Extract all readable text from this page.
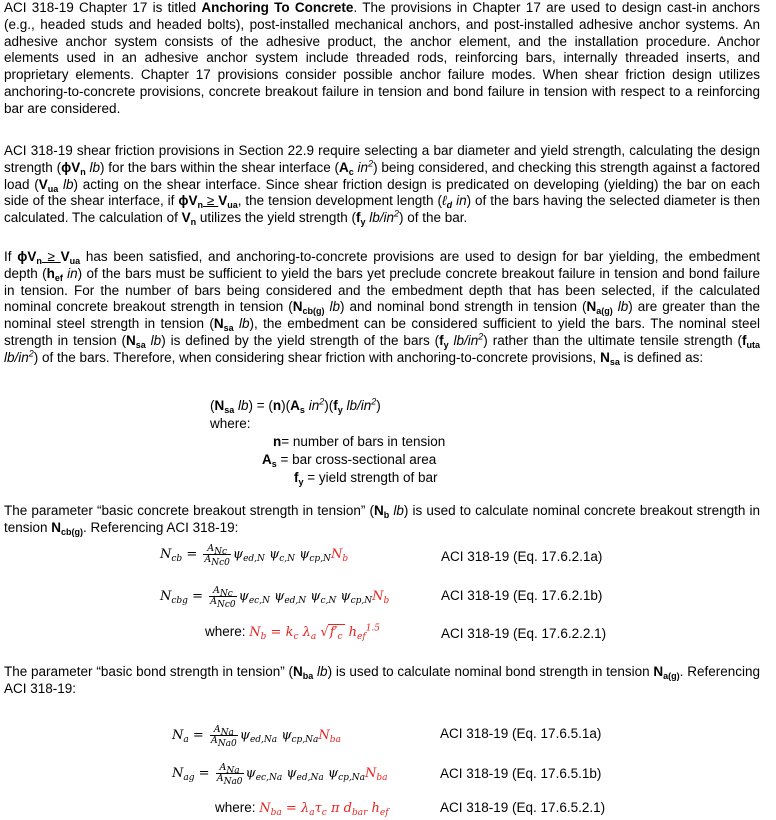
ACI 318-19 Chapter 17 is titled Anchoring To Concrete. The provisions in Chapter 17 are used to design cast-in anchors (e.g., headed studs and headed bolts), post-installed mechanical anchors, and post-installed adhesive anchor systems. An adhesive anchor system consists of the adhesive product, the anchor element, and the installation procedure. Anchor elements used in an adhesive anchor system include threaded rods, reinforcing bars, internally threaded inserts, and proprietary elements. Chapter 17 provisions consider possible anchor failure modes. When shear friction design utilizes anchoring-to-concrete provisions, concrete breakout failure in tension and bond failure in tension with respect to a reinforcing bar are considered.
ACI 318-19 shear friction provisions in Section 22.9 require selecting a bar diameter and yield strength, calculating the design strength ($\phi V_n$ lb) for the bars within the shear interface ($A_c$ $in^2$) being considered, and checking this strength against a factored load ($V_{ua}$ lb) acting on the shear interface. Since shear friction design is predicated on developing (yielding) the bar on each side of the shear interface, if $\phi V_n \ge V_{ua}$, the tension development length (ℓ$_d$ in) of the bars having the selected diameter is then calculated. The calculation of $V_n$ utilizes the yield strength ($f_y$ $lb/in^2$) of the bar.
If $\phi V_n \ge V_{ua}$ has been satisfied, and anchoring-to-concrete provisions are used to design for bar yielding, the embedment depth ($h_{ef}$ in) of the bars must be sufficient to yield the bars yet preclude concrete breakout failure in tension and bond failure in tension. For the number of bars being considered and the embedment depth that has been selected, if the calculated nominal concrete breakout strength in tension ($N_{cb(g)}$ lb) and nominal bond strength in tension ($N_{a(g)}$ lb) are greater than the nominal steel strength in tension ($N_{sa}$ lb), the embedment can be considered sufficient to yield the bars. The nominal steel strength in tension ($N_{sa}$ lb) is defined by the yield strength of the bars ($f_y$ $lb/in^2$) rather than the ultimate tensile strength ($f_{uta}$ $lb/in^2$) of the bars. Therefore, when considering shear friction with anchoring-to-concrete provisions, $N_{sa}$ is defined as:
($N_{sa}$ $lb) = (n)(A_s$ $in^2)(f_y$ $lb/in^2$)
where:
n= number of bars in tension
$A_s$ = bar cross-sectional area
$f_y$ = yield strength of bar
The parameter “basic concrete breakout strength in tension” ($N_b$ lb) is used to calculate nominal concrete breakout strength in tension $N_{cb(g)}$. Referencing ACI 318-19:
$N_{cb} = \frac{A_{Nc}}{A_{Nc0}} \psi_{ed,N}$ $\psi_{c,N}$ $\psi_{cp,N}N_b$	ACI 318-19 (Eq. 17.6.2.1a)
$N_{cbg} = \frac{A_{Nc}}{A_{Nc0}} \psi_{ec,N}$ $\psi_{ed,N}$ $\psi_{c,N}$ $\psi_{cp,N}N_b$	ACI 318-19 (Eq. 17.6.2.1b)
where: $N_b = k_c$ $\lambda_a$ $√f'_c$ $h_{ef}^{1.5}$	ACI 318-19 (Eq. 17.6.2.2.1)
The parameter “basic bond strength in tension” ($N_{ba}$ lb) is used to calculate nominal bond strength in tension $N_{a(g)}$. Referencing ACI 318-19:
$N_a = \frac{A_{Na}}{A_{Na0}} \psi_{ed,Na}$ $\psi_{cp,Na}N_{ba}$	ACI 318-19 (Eq. 17.6.5.1a)
$N_{ag} = \frac{A_{Na}}{A_{Na0}} \psi_{ec,Na}$ $\psi_{ed,Na}$ $\psi_{cp,Na}N_{ba}$	ACI 318-19 (Eq. 17.6.5.1b)
where: $N_{ba} = \lambda_a\tau_c$ π $d_{bar}$ $h_{ef}$	ACI 318-19 (Eq. 17.6.5.2.1)
